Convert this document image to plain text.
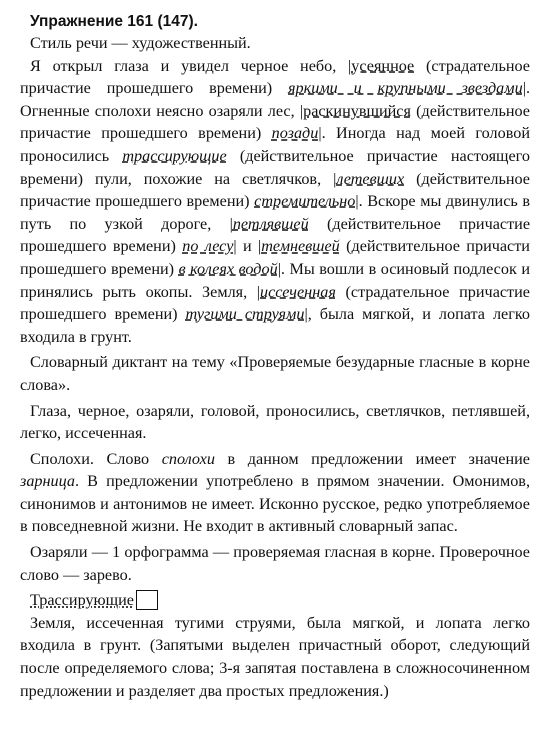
Упражнение 161 (147).

Стиль речи — художественный.

Я открыл глаза и увидел черное небо, |усеянное (страдательное причастие прошедшего времени) яркими и крупными звездами|. Огненные сполохи неясно озаряли лес, |раскинувшийся (действительное причастие прошедшего времени) позади|. Иногда над моей головой проносились трассирующие (действительное причастие настоящего времени) пули, похожие на светлячков, |летевших (действительное причастие прошедшего времени) стремительно|. Вскоре мы двинулись в путь по узкой дороге, |петлявшей (действительное причастие прошедшего времени) по лесу| и |темневшей (действительное причасти прошедшего времени) в колеях водой|. Мы вошли в осиновый подлесок и принялись рыть окопы. Земля, |иссеченная (страдательное причастие прошедшего времени) тугими струями|, была мягкой, и лопата легко входила в грунт.

Словарный диктант на тему «Проверяемые безударные гласные в корне слова».

Глаза, черное, озаряли, головой, проносились, светлячков, петлявшей, легко, иссеченная.

Сполохи. Слово сполохи в данном предложении имеет значение зарница. В предложении употреблено в прямом значении. Омонимов, синонимов и антонимов не имеет. Исконно русское, редко употребляемое в повседневной жизни. Не входит в активный словарный запас.

Озаряли — 1 орфограмма — проверяемая гласная в корне. Проверочное слово — зарево.

Трассирующие

Земля, иссеченная тугими струями, была мягкой, и лопата легко входила в грунт. (Запятыми выделен причастный оборот, следующий после определяемого слова; 3-я запятая поставлена в сложносочиненном предложении и разделяет два простых предложения.)
